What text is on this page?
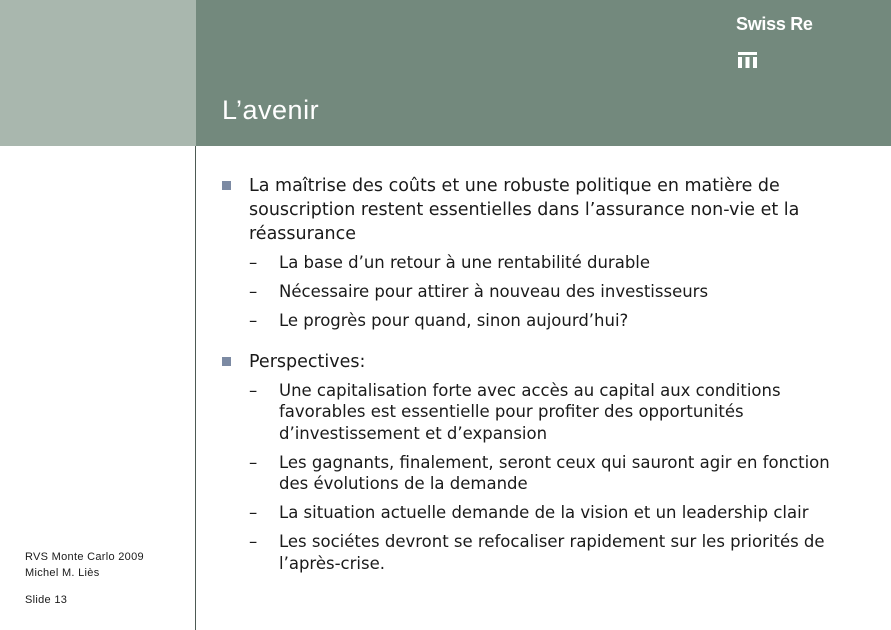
Swiss Re
L’avenir
La maîtrise des coûts et une robuste politique en matière de souscription restent essentielles dans l’assurance non-vie et la réassurance
– La base d’un retour à une rentabilité durable
– Nécessaire pour attirer à nouveau des investisseurs
– Le progrès pour quand, sinon aujourd’hui?
Perspectives:
– Une capitalisation forte avec accès au capital aux conditions favorables est essentielle pour profiter des opportunités d’investissement et d’expansion
– Les gagnants, finalement, seront ceux qui sauront agir en fonction des évolutions de la demande
– La situation actuelle demande de la vision et un leadership clair
– Les sociétes devront se refocaliser rapidement sur les priorités de l’après-crise.
RVS Monte Carlo 2009
Michel M. Liès
Slide 13
